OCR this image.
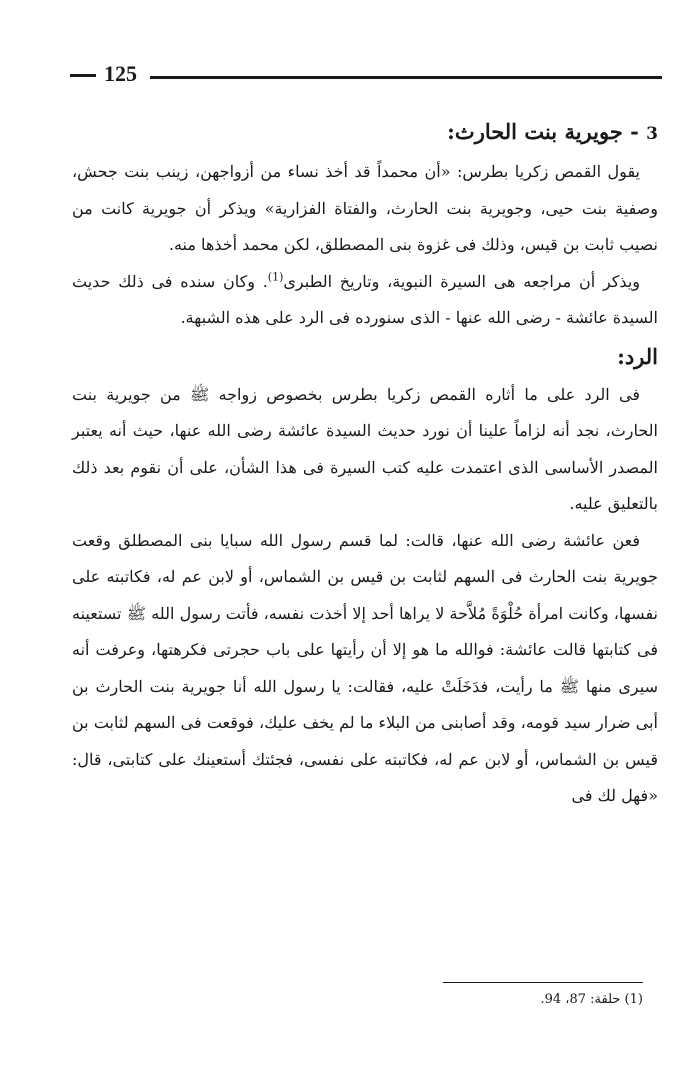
125

3 - جويرية بنت الحارث:

يقول القمص زكريا بطرس: «أن محمداً قد أخذ نساء من أزواجهن، زينب بنت جحش، وصفية بنت حيى، وجويرية بنت الحارث، والفتاة الفزارية» ويذكر أن جويرية كانت من نصيب ثابت بن قيس، وذلك فى غزوة بنى المصطلق، لكن محمد أخذها منه.

ويذكر أن مراجعه هى السيرة النبوية، وتاريخ الطبرى$^{(1)}$. وكان سنده فى ذلك حديث السيدة عائشة - رضى الله عنها - الذى سنورده فى الرد على هذه الشبهة.

الرد:

فى الرد على ما أثاره القمص زكريا بطرس بخصوص زواجه ﷺ من جويرية بنت الحارث، نجد أنه لزاماً علينا أن نورد حديث السيدة عائشة رضى الله عنها، حيث أنه يعتبر المصدر الأساسى الذى اعتمدت عليه كتب السيرة فى هذا الشأن، على أن نقوم بعد ذلك بالتعليق عليه.

فعن عائشة رضى الله عنها، قالت: لما قسم رسول الله سبايا بنى المصطلق وقعت جويرية بنت الحارث فى السهم لثابت بن قيس بن الشماس، أو لابن عم له، فكاتبته على نفسها، وكانت امرأة حُلْوَةً مُلاَّحة لا يراها أحد إلا أخذت نفسه، فأتت رسول الله ﷺ تستعينه فى كتابتها قالت عائشة: فوالله ما هو إلا أن رأيتها على باب حجرتى فكرهتها، وعرفت أنه سيرى منها ﷺ ما رأيت، فدَخَلَتْ عليه، فقالت: يا رسول الله أنا جويرية بنت الحارث بن أبى ضرار سيد قومه، وقد أصابنى من البلاء ما لم يخف عليك، فوقعت فى السهم لثابت بن قيس بن الشماس، أو لابن عم له، فكاتبته على نفسى، فجئتك أستعينك على كتابتى، قال: «فهل لك فى

(1) حلقة: 87، 94.
